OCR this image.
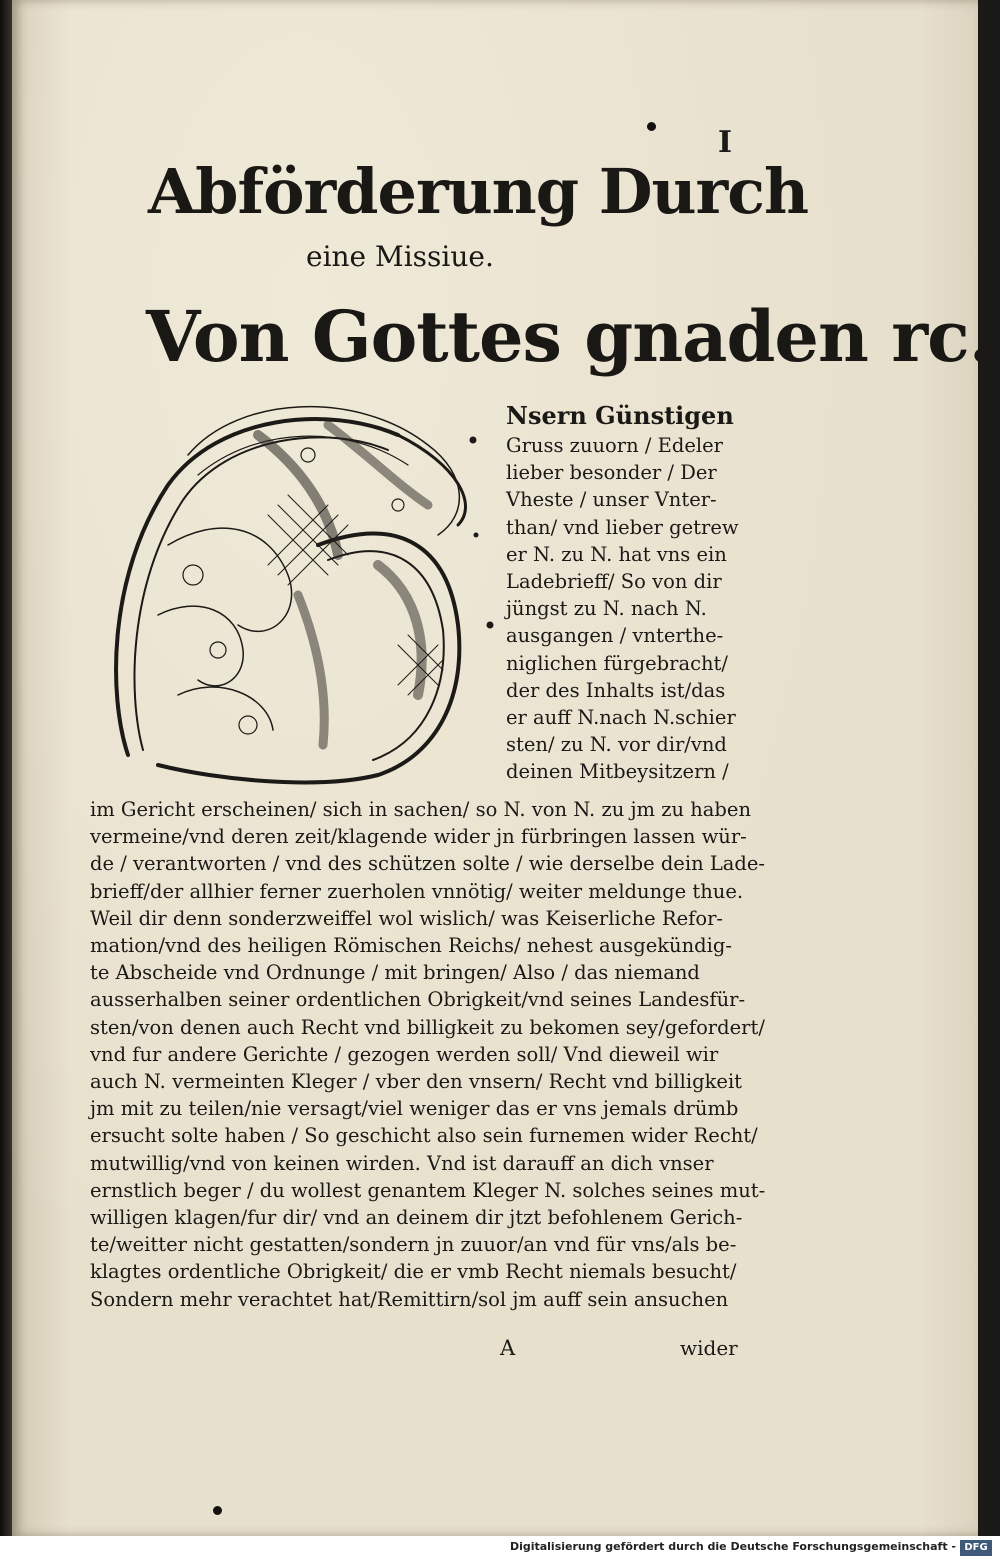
I
Abförderung Durch
eine Missiue.
Von Gottes gnaden rc.
Nsern Günstigen
Gruss zuuorn / Edeler
lieber besonder / Der
Vheste / unser Vnter-
than/ vnd lieber getrew
er N. zu N. hat vns ein
Ladebrieff/ So von dir
jüngst zu N. nach N.
ausgangen / vnterthe-
niglichen fürgebracht/
der des Inhalts ist/das
er auff N.nach N.schier
sten/ zu N. vor dir/vnd
deinen Mitbeysitzern /
im Gericht erscheinen/ sich in sachen/ so N. von N. zu jm zu haben
vermeine/vnd deren zeit/klagende wider jn fürbringen lassen wür-
de / verantworten / vnd des schützen solte / wie derselbe dein Lade-
brieff/der allhier ferner zuerholen vnnötig/ weiter meldunge thue.
Weil dir denn sonderzweiffel wol wislich/ was Keiserliche Refor-
mation/vnd des heiligen Römischen Reichs/ nehest ausgekündig-
te Abscheide vnd Ordnunge / mit bringen/ Also / das niemand
ausserhalben seiner ordentlichen Obrigkeit/vnd seines Landesfür-
sten/von denen auch Recht vnd billigkeit zu bekomen sey/gefordert/
vnd fur andere Gerichte / gezogen werden soll/ Vnd dieweil wir
auch N. vermeinten Kleger / vber den vnsern/ Recht vnd billigkeit
jm mit zu teilen/nie versagt/viel weniger das er vns jemals drümb
ersucht solte haben / So geschicht also sein furnemen wider Recht/
mutwillig/vnd von keinen wirden. Vnd ist darauff an dich vnser
ernstlich beger / du wollest genantem Kleger N. solches seines mut-
willigen klagen/fur dir/ vnd an deinem dir jtzt befohlenem Gerich-
te/weitter nicht gestatten/sondern jn zuuor/an vnd für vns/als be-
klagtes ordentliche Obrigkeit/ die er vmb Recht niemals besucht/
Sondern mehr verachtet hat/Remittirn/sol jm auff sein ansuchen
A	wider
Digitalisierung gefördert durch die Deutsche Forschungsgemeinschaft - DFG
